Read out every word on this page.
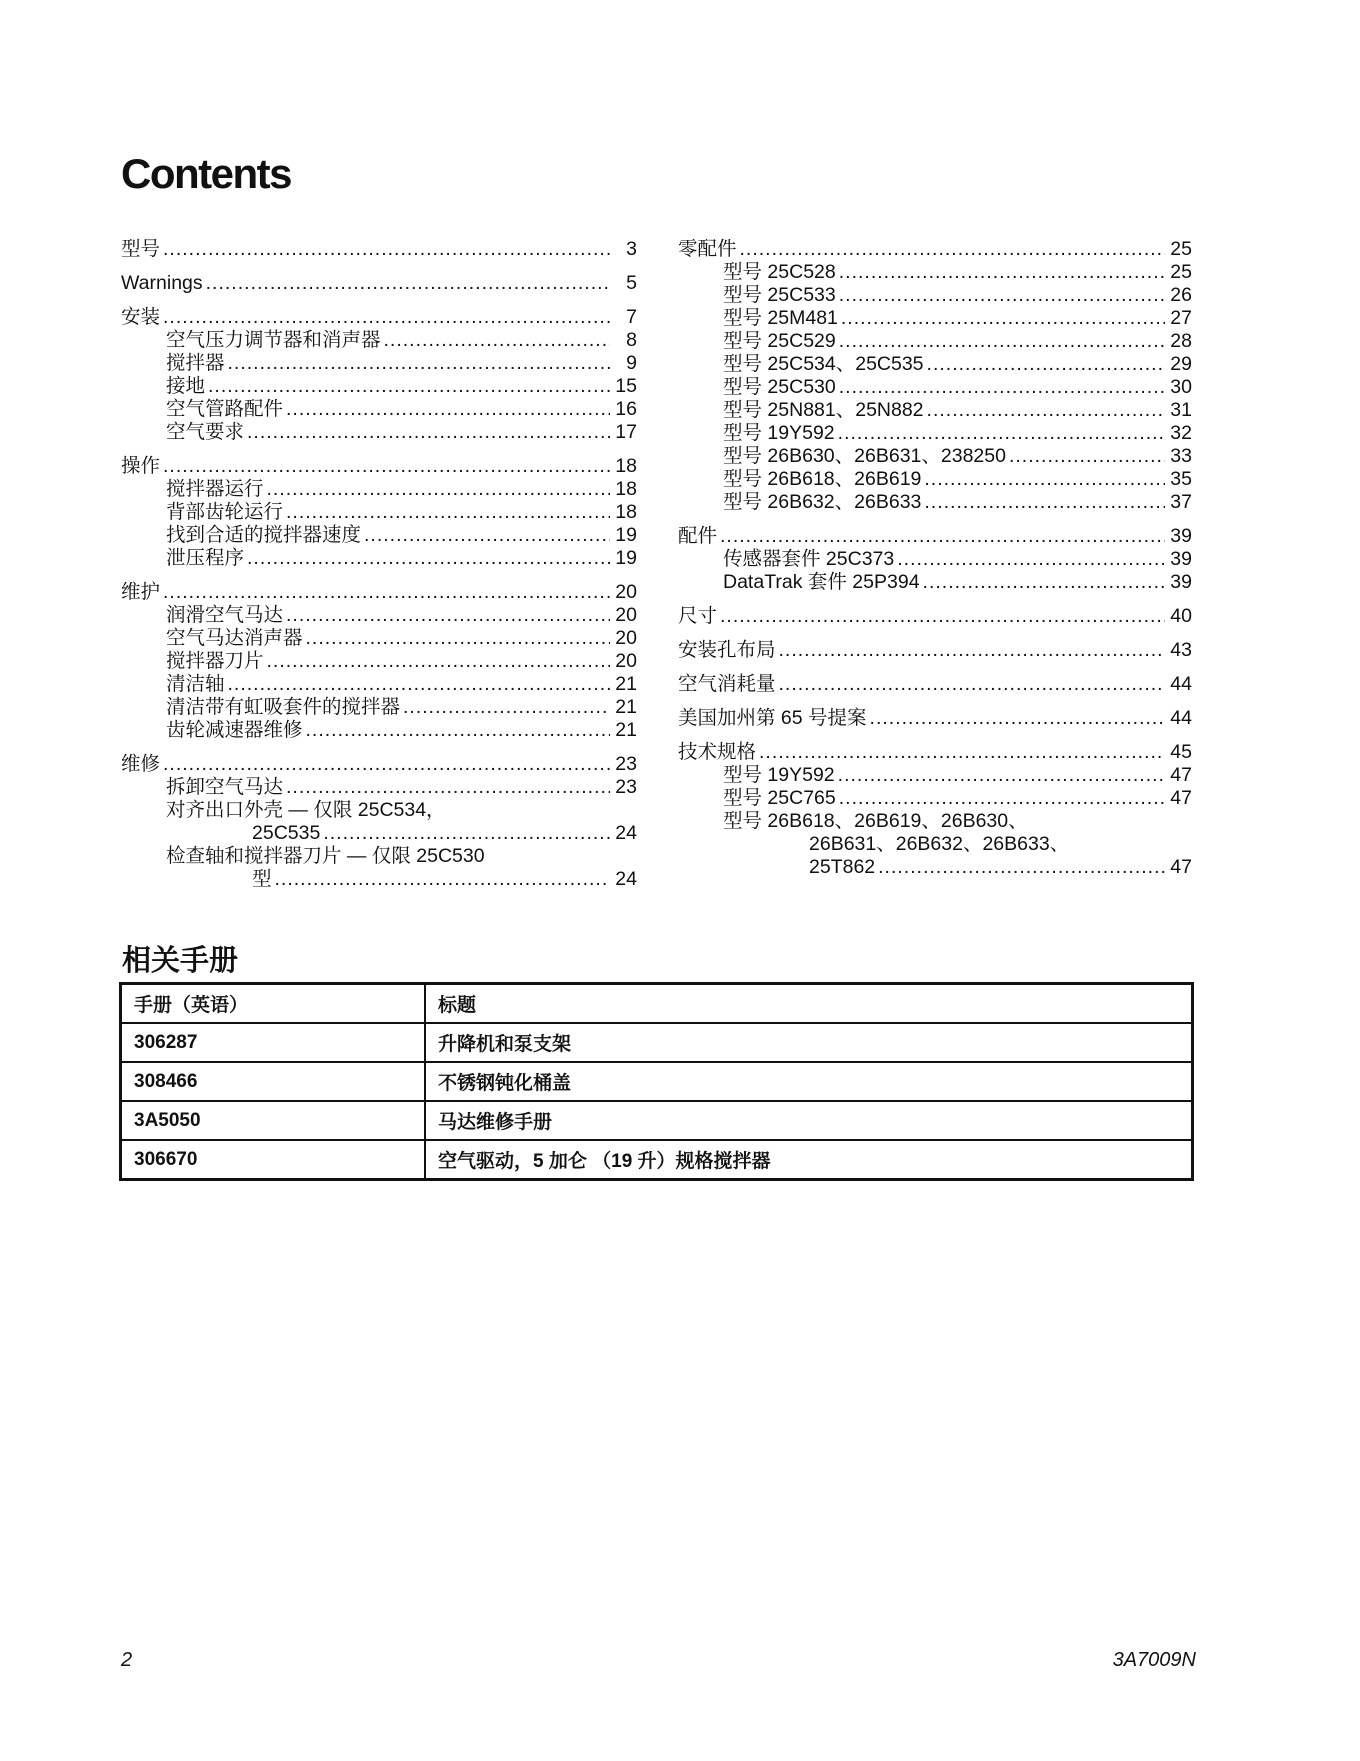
Contents
型号 .....	3
Warnings .....	5
安装 .....	7
空气压力调节器和消声器 .....	8
搅拌器 .....	9
接地 .....	15
空气管路配件 .....	16
空气要求 .....	17
操作 .....	18
搅拌器运行 .....	18
背部齿轮运行 .....	18
找到合适的搅拌器速度 .....	19
泄压程序 .....	19
维护 .....	20
润滑空气马达 .....	20
空气马达消声器 .....	20
搅拌器刀片 .....	20
清洁轴 .....	21
清洁带有虹吸套件的搅拌器 .....	21
齿轮减速器维修 .....	21
维修 .....	23
拆卸空气马达 .....	23
对齐出口外壳 — 仅限 25C534，
25C535 .....	24
检查轴和搅拌器刀片 — 仅限 25C530
型 .....	24
零配件 .....	25
型号 25C528 .....	25
型号 25C533 .....	26
型号 25M481 .....	27
型号 25C529 .....	28
型号 25C534、25C535 .....	29
型号 25C530 .....	30
型号 25N881、25N882 .....	31
型号 19Y592 .....	32
型号 26B630、26B631、238250 .....	33
型号 26B618、26B619 .....	35
型号 26B632、26B633 .....	37
配件 .....	39
传感器套件 25C373 .....	39
DataTrak 套件 25P394 .....	39
尺寸 .....	40
安装孔布局 .....	43
空气消耗量 .....	44
美国加州第 65 号提案 .....	44
技术规格 .....	45
型号 19Y592 .....	47
型号 25C765 .....	47
型号 26B618、26B619、26B630、
26B631、26B632、26B633、
25T862 .....	47
相关手册
手册（英语）	标题
306287	升降机和泵支架
308466	不锈钢钝化桶盖
3A5050	马达维修手册
306670	空气驱动，5 加仑 （19 升）规格搅拌器
2	3A7009N
